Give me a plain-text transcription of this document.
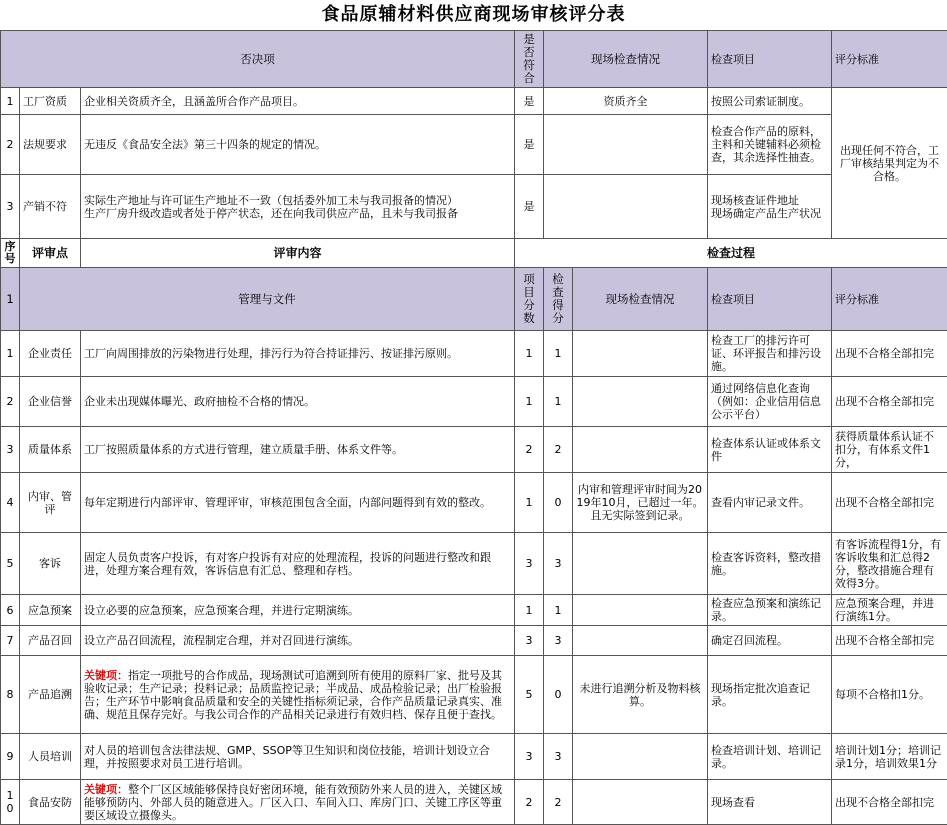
食品原辅材料供应商现场审核评分表
否决项			是否符合	现场检查情况		检查项目	评分标准
1	工厂资质	企业相关资质齐全，且涵盖所合作产品项目。	是	资质齐全		按照公司索证制度。	出现任何不符合，工厂审核结果判定为不合格。
2	法规要求	无违反《食品安全法》第三十四条的规定的情况。	是			检查合作产品的原料，主料和关键辅料必须检查，其余选择性抽查。	
3	产销不符	实际生产地址与许可证生产地址不一致（包括委外加工未与我司报备的情况）
生产厂房升级改造或者处于停产状态，还在向我司供应产品，且未与我司报备	是			现场核查证件地址
现场确定产品生产状况	
序号	评审点	评审内容	检查过程				
1	管理与文件		项目分数	检查得分	现场检查情况	检查项目	评分标准
1	企业责任	工厂向周围排放的污染物进行处理，排污行为符合持证排污、按证排污原则。	1	1		检查工厂的排污许可证、环评报告和排污设施。	出现不合格全部扣完
2	企业信誉	企业未出现媒体曝光、政府抽检不合格的情况。	1	1		通过网络信息化查询（例如：企业信用信息公示平台）	出现不合格全部扣完
3	质量体系	工厂按照质量体系的方式进行管理，建立质量手册、体系文件等。	2	2		检查体系认证或体系文件	获得质量体系认证不扣分，有体系文件1分，
4	内审、管评	每年定期进行内部评审、管理评审，审核范围包含全面，内部问题得到有效的整改。	1	0	内审和管理评审时间为2019年10月，已超过一年。且无实际签到记录。	查看内审记录文件。	出现不合格全部扣完
5	客诉	固定人员负责客户投诉，有对客户投诉有对应的处理流程，投诉的问题进行整改和跟进，处理方案合理有效，客诉信息有汇总、整理和存档。	3	3		检查客诉资料，整改措施。	有客诉流程得1分，有客诉收集和汇总得2分，整改措施合理有效得3分。
6	应急预案	设立必要的应急预案，应急预案合理，并进行定期演练。	1	1		检查应急预案和演练记录。	应急预案合理，并进行演练1分。
7	产品召回	设立产品召回流程，流程制定合理，并对召回进行演练。	3	3		确定召回流程。	出现不合格全部扣完
8	产品追溯	关键项：指定一项批号的合作成品，现场测试可追溯到所有使用的原料厂家、批号及其验收记录；生产记录；投料记录；品质监控记录；半成品、成品检验记录；出厂检验报告；生产环节中影响食品质量和安全的关键性指标须记录，合作产品质量记录真实、准确、规范且保存完好。与我公司合作的产品相关记录进行有效归档、保存且便于查找。	5	0	未进行追溯分析及物料核算。	现场指定批次追查记录。	每项不合格扣1分。
9	人员培训	对人员的培训包含法律法规、GMP、SSOP等卫生知识和岗位技能，培训计划设立合理，并按照要求对员工进行培训。	3	3		检查培训计划、培训记录。	培训计划1分；培训记录1分，培训效果1分
10	食品安防	关键项：整个厂区区域能够保持良好密闭环境，能有效预防外来人员的进入，关键区域能够预防内、外部人员的随意进入。厂区入口、车间入口、库房门口、关键工序区等重要区域设立摄像头。	2	2		现场查看	出现不合格全部扣完
